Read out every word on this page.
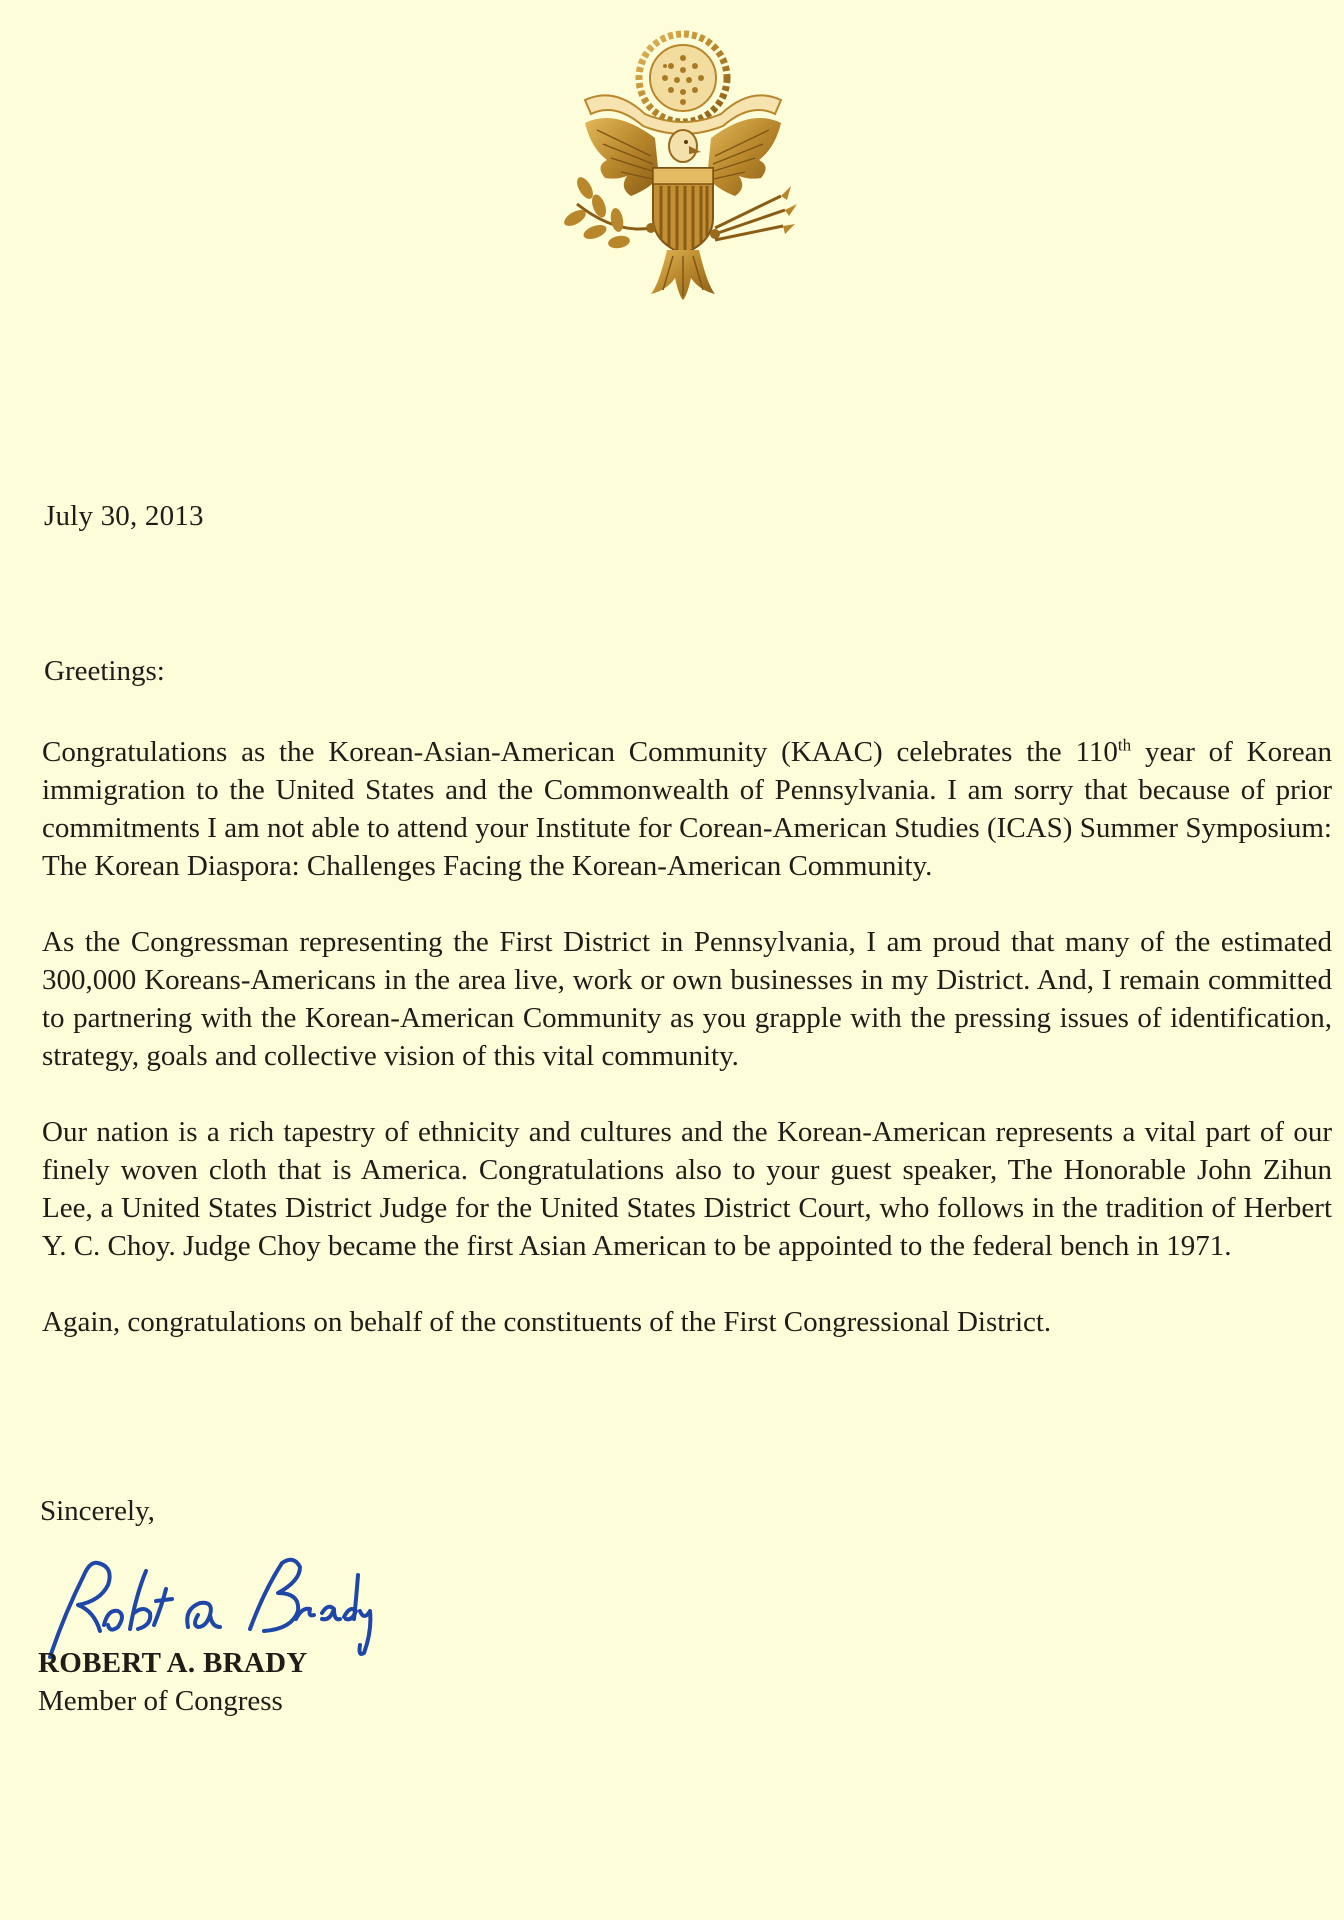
July 30, 2013
Greetings:

Congratulations as the Korean-Asian-American Community (KAAC) celebrates the 110th year of Korean immigration to the United States and the Commonwealth of Pennsylvania. I am sorry that because of prior commitments I am not able to attend your Institute for Corean-American Studies (ICAS) Summer Symposium: The Korean Diaspora: Challenges Facing the Korean-American Community.

As the Congressman representing the First District in Pennsylvania, I am proud that many of the estimated 300,000 Koreans-Americans in the area live, work or own businesses in my District. And, I remain committed to partnering with the Korean-American Community as you grapple with the pressing issues of identification, strategy, goals and collective vision of this vital community.

Our nation is a rich tapestry of ethnicity and cultures and the Korean-American represents a vital part of our finely woven cloth that is America. Congratulations also to your guest speaker, The Honorable John Zihun Lee, a United States District Judge for the United States District Court, who follows in the tradition of Herbert Y. C. Choy. Judge Choy became the first Asian American to be appointed to the federal bench in 1971.

Again, congratulations on behalf of the constituents of the First Congressional District.

Sincerely,
ROBERT A. BRADY
Member of Congress
